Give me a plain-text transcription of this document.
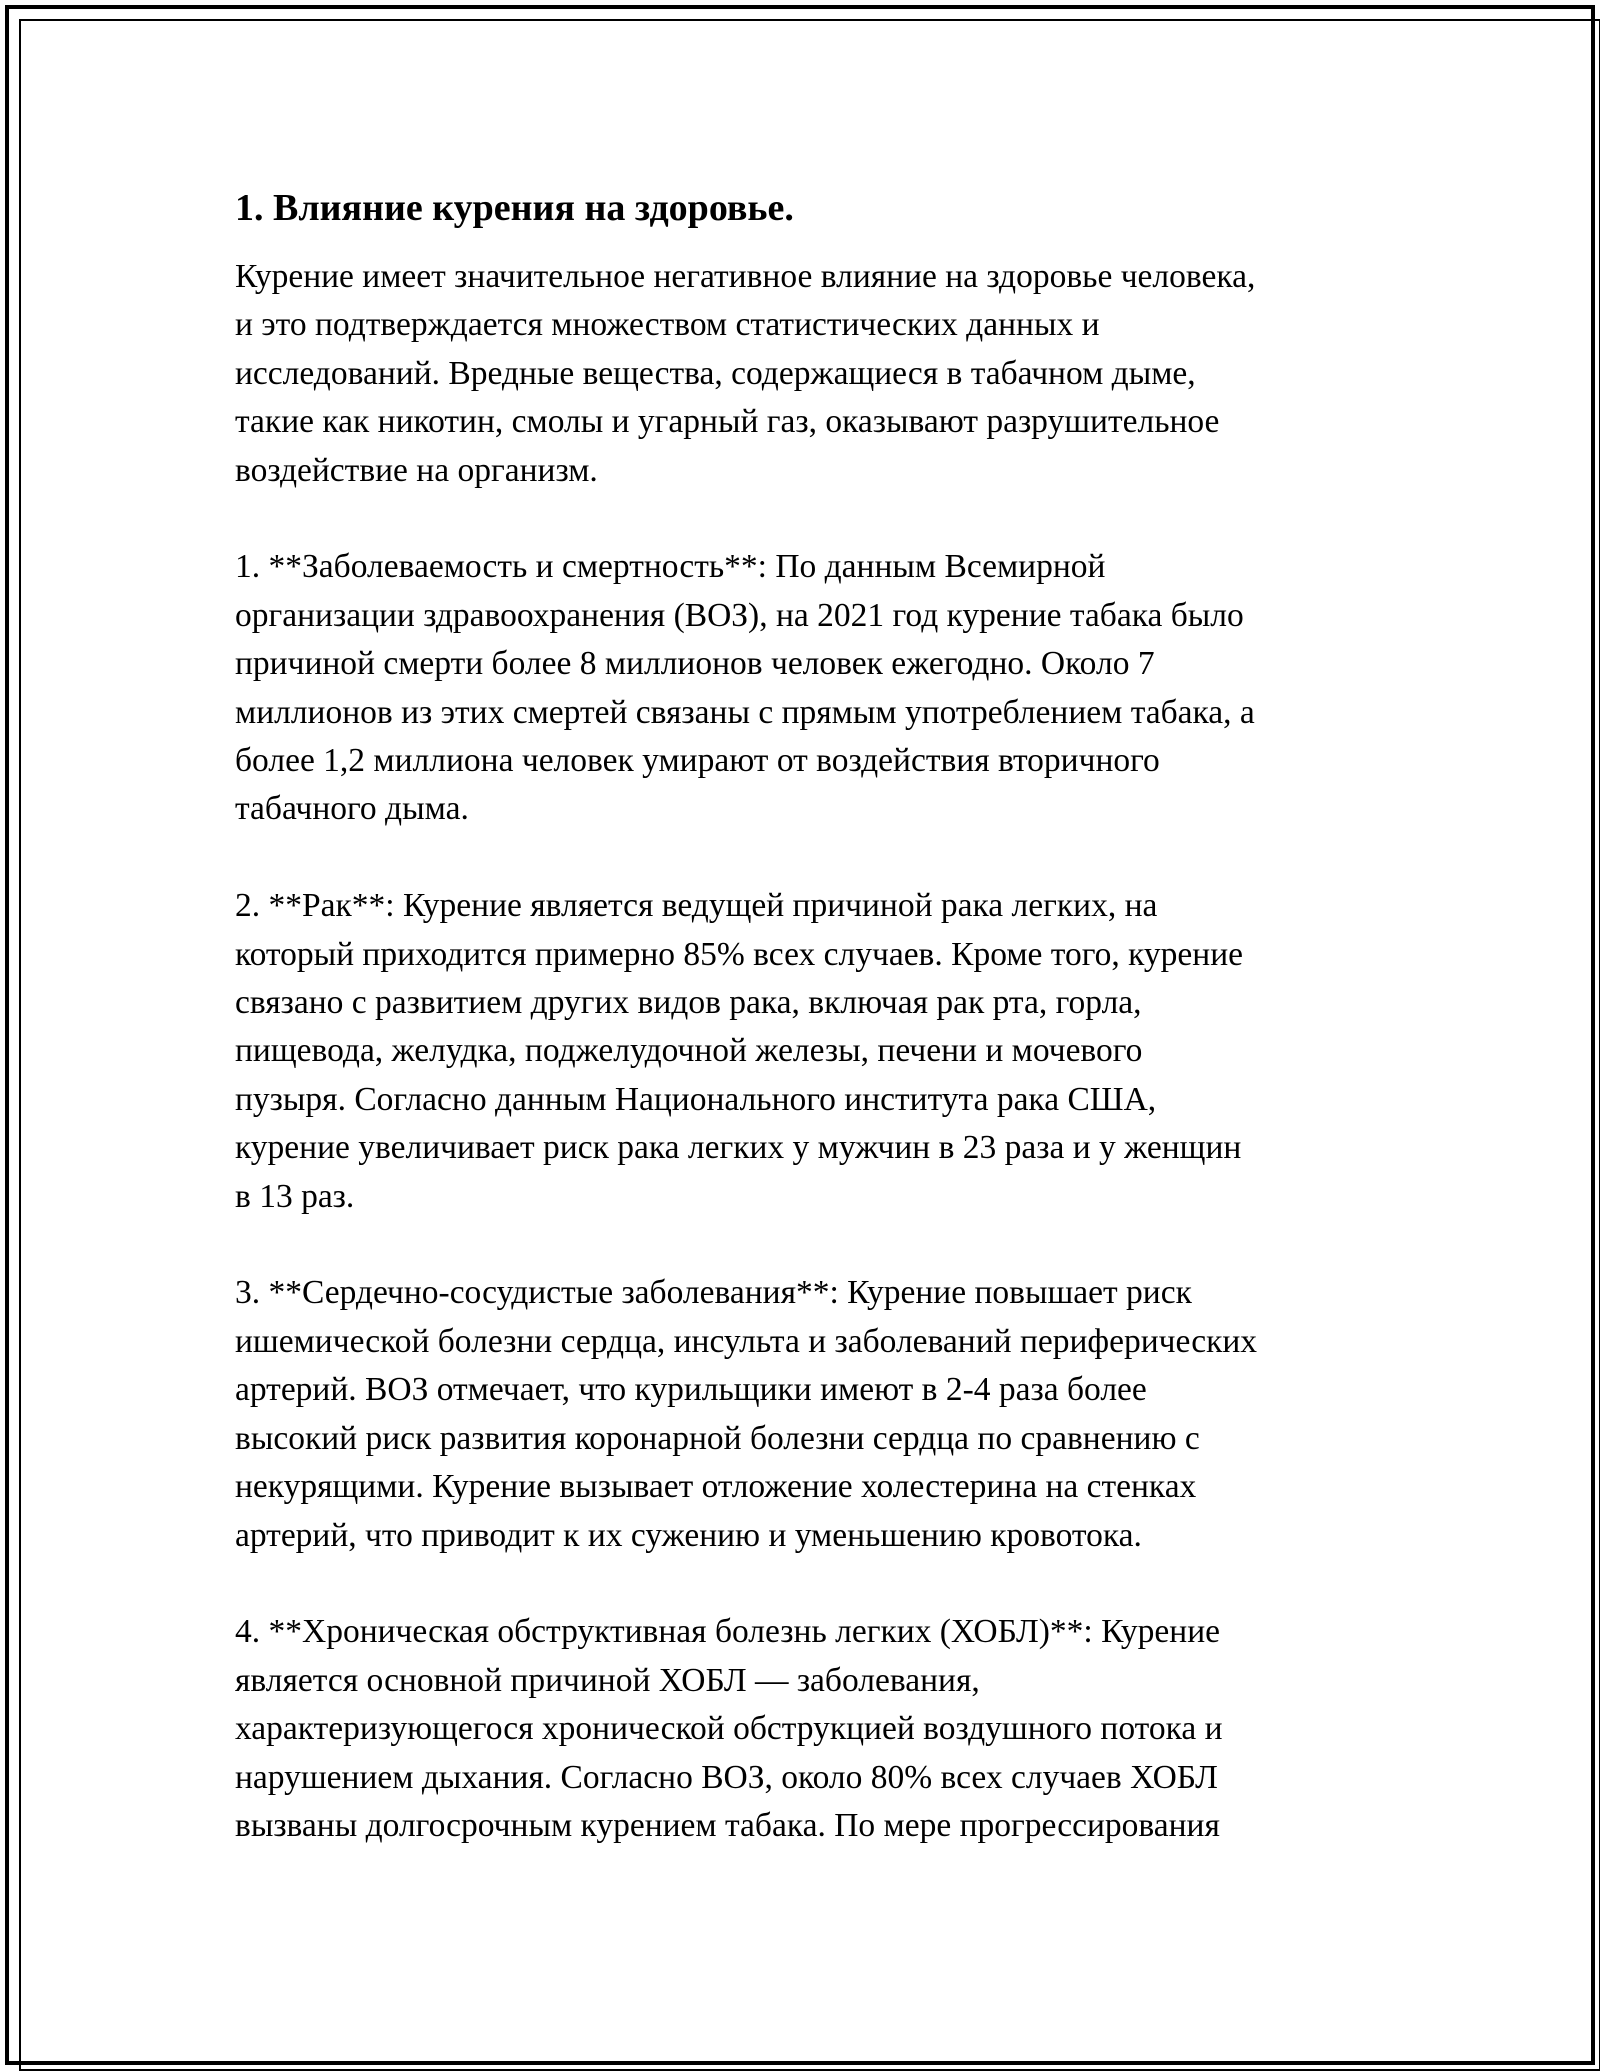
1. Влияние курения на здоровье.

Курение имеет значительное негативное влияние на здоровье человека,
и это подтверждается множеством статистических данных и
исследований. Вредные вещества, содержащиеся в табачном дыме,
такие как никотин, смолы и угарный газ, оказывают разрушительное
воздействие на организм.

1. **Заболеваемость и смертность**: По данным Всемирной
организации здравоохранения (ВОЗ), на 2021 год курение табака было
причиной смерти более 8 миллионов человек ежегодно. Около 7
миллионов из этих смертей связаны с прямым употреблением табака, а
более 1,2 миллиона человек умирают от воздействия вторичного
табачного дыма.

2. **Рак**: Курение является ведущей причиной рака легких, на
который приходится примерно 85% всех случаев. Кроме того, курение
связано с развитием других видов рака, включая рак рта, горла,
пищевода, желудка, поджелудочной железы, печени и мочевого
пузыря. Согласно данным Национального института рака США,
курение увеличивает риск рака легких у мужчин в 23 раза и у женщин
в 13 раз.

3. **Сердечно-сосудистые заболевания**: Курение повышает риск
ишемической болезни сердца, инсульта и заболеваний периферических
артерий. ВОЗ отмечает, что курильщики имеют в 2-4 раза более
высокий риск развития коронарной болезни сердца по сравнению с
некурящими. Курение вызывает отложение холестерина на стенках
артерий, что приводит к их сужению и уменьшению кровотока.

4. **Хроническая обструктивная болезнь легких (ХОБЛ)**: Курение
является основной причиной ХОБЛ — заболевания,
характеризующегося хронической обструкцией воздушного потока и
нарушением дыхания. Согласно ВОЗ, около 80% всех случаев ХОБЛ
вызваны долгосрочным курением табака. По мере прогрессирования
